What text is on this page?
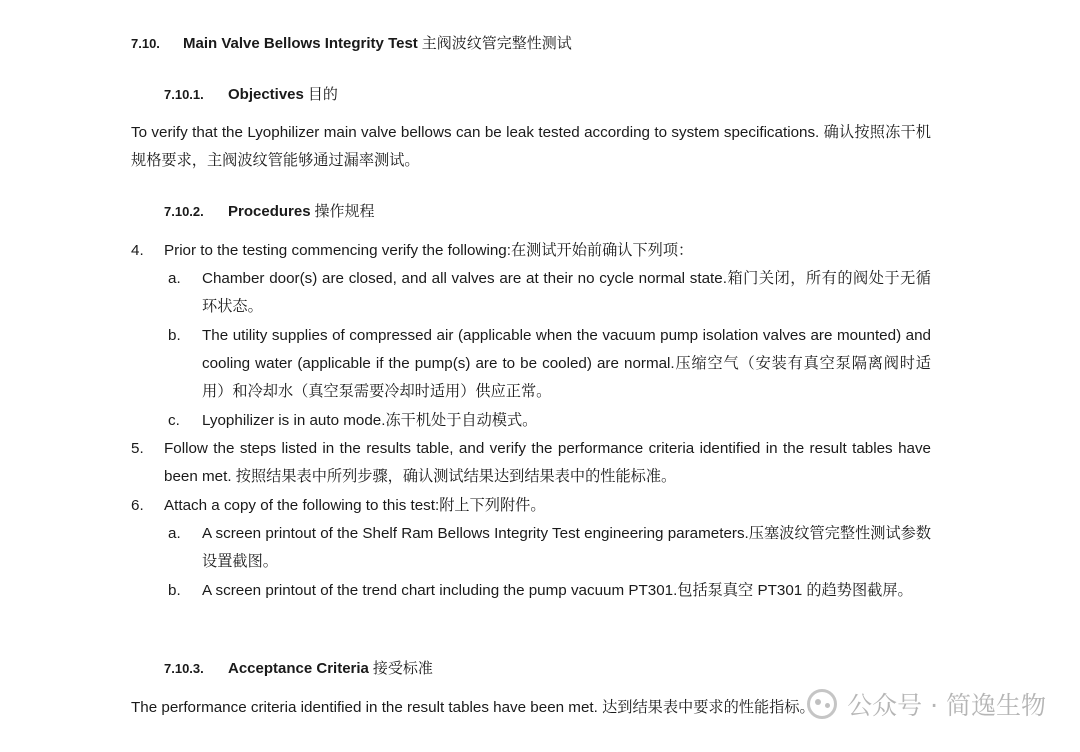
7.10. Main Valve Bellows Integrity Test 主阀波纹管完整性测试
7.10.1. Objectives 目的
To verify that the Lyophilizer main valve bellows can be leak tested according to system specifications. 确认按照冻干机规格要求，主阀波纹管能够通过漏率测试。
7.10.2. Procedures 操作规程
4. Prior to the testing commencing verify the following:在测试开始前确认下列项：
a. Chamber door(s) are closed, and all valves are at their no cycle normal state.箱门关闭，所有的阀处于无循环状态。
b. The utility supplies of compressed air (applicable when the vacuum pump isolation valves are mounted) and cooling water (applicable if the pump(s) are to be cooled) are normal.压缩空气（安装有真空泵隔离阀时适用）和冷却水（真空泵需要冷却时适用）供应正常。
c. Lyophilizer is in auto mode.冻干机处于自动模式。
5. Follow the steps listed in the results table, and verify the performance criteria identified in the result tables have been met. 按照结果表中所列步骤，确认测试结果达到结果表中的性能标准。
6. Attach a copy of the following to this test:附上下列附件。
a. A screen printout of the Shelf Ram Bellows Integrity Test engineering parameters.压塞波纹管完整性测试参数设置截图。
b. A screen printout of the trend chart including the pump vacuum PT301.包括泵真空 PT301 的趋势图截屏。
7.10.3. Acceptance Criteria 接受标准
The performance criteria identified in the result tables have been met. 达到结果表中要求的性能指标。	公众号 · 简逸生物
